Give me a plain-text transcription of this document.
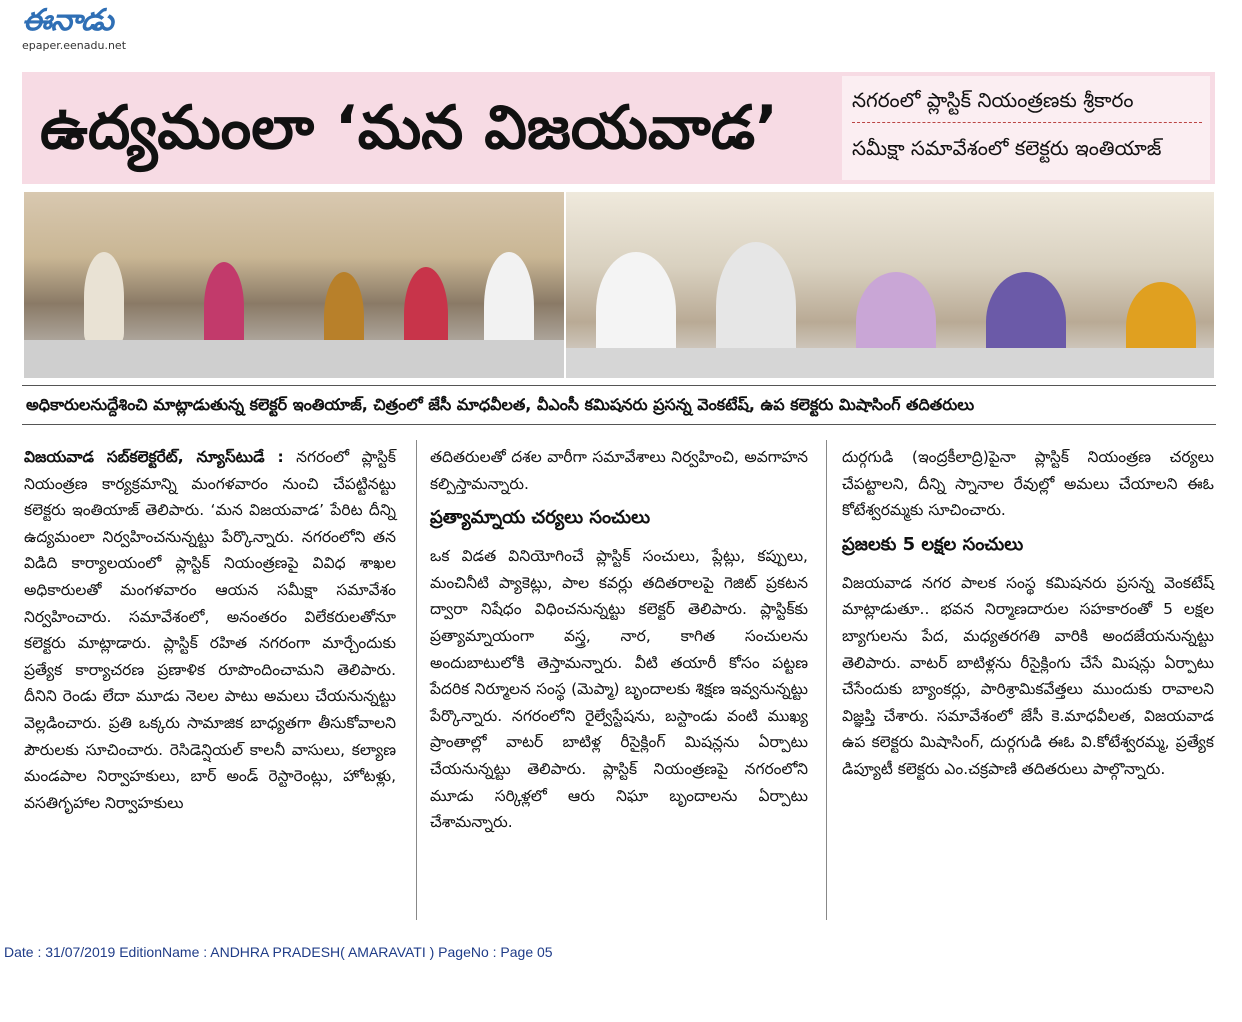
ఈనాడు
epaper.eenadu.net
ఉద్యమంలా ‘మన విజయవాడ’	నగరంలో ప్లాస్టిక్ నియంత్రణకు శ్రీకారం
సమీక్షా సమావేశంలో కలెక్టరు ఇంతియాజ్
అధికారులనుద్దేశించి మాట్లాడుతున్న కలెక్టర్ ఇంతియాజ్, చిత్రంలో జేసీ మాధవీలత, వీఎంసీ కమిషనరు ప్రసన్న వెంకటేష్, ఉప కలెక్టరు మిషాసింగ్ తదితరులు

విజయవాడ సబ్‌కలెక్టరేట్, న్యూస్‌టుడే : నగరంలో ప్లాస్టిక్ నియంత్రణ కార్యక్రమాన్ని మంగళవారం నుంచి చేపట్టినట్టు కలెక్టరు ఇంతియాజ్ తెలిపారు. ‘మన విజయవాడ’ పేరిట దీన్ని ఉద్యమంలా నిర్వహించనున్నట్టు పేర్కొన్నారు. నగరంలోని తన విడిది కార్యాలయంలో ప్లాస్టిక్ నియంత్రణపై వివిధ శాఖల అధికారులతో మంగళవారం ఆయన సమీక్షా సమావేశం నిర్వహించారు. సమావేశంలో, అనంతరం విలేకరులతోనూ కలెక్టరు మాట్లాడారు. ప్లాస్టిక్ రహిత నగరంగా మార్చేందుకు ప్రత్యేక కార్యాచరణ ప్రణాళిక రూపొందించామని తెలిపారు. దీనిని రెండు లేదా మూడు నెలల పాటు అమలు చేయనున్నట్టు వెల్లడించారు. ప్రతి ఒక్కరు సామాజిక బాధ్యతగా తీసుకోవాలని పౌరులకు సూచించారు. రెసిడెన్షియల్ కాలనీ వాసులు, కల్యాణ మండపాల నిర్వాహకులు, బార్ అండ్ రెస్టారెంట్లు, హోటళ్లు, వసతిగృహాల నిర్వాహకులు

తదితరులతో దశల వారీగా సమావేశాలు నిర్వహించి, అవగాహన కల్పిస్తామన్నారు.

ప్రత్యామ్నాయ చర్యలు సంచులు

ఒక విడత వినియోగించే ప్లాస్టిక్ సంచులు, ప్లేట్లు, కప్పులు, మంచినీటి ప్యాకెట్లు, పాల కవర్లు తదితరాలపై గెజిట్ ప్రకటన ద్వారా నిషేధం విధించనున్నట్టు కలెక్టర్ తెలిపారు. ప్లాస్టిక్‌కు ప్రత్యామ్నాయంగా వస్త్ర, నార, కాగిత సంచులను అందుబాటులోకి తెస్తామన్నారు. వీటి తయారీ కోసం పట్టణ పేదరిక నిర్మూలన సంస్థ (మెప్మా) బృందాలకు శిక్షణ ఇవ్వనున్నట్టు పేర్కొన్నారు. నగరంలోని రైల్వేస్టేషను, బస్టాండు వంటి ముఖ్య ప్రాంతాల్లో వాటర్ బాటిళ్ల రీసైక్లింగ్ మిషన్లను ఏర్పాటు చేయనున్నట్టు తెలిపారు. ప్లాస్టిక్ నియంత్రణపై నగరంలోని మూడు సర్కిళ్లలో ఆరు నిఘా బృందాలను ఏర్పాటు చేశామన్నారు.

దుర్గగుడి (ఇంద్రకీలాద్రి)పైనా ప్లాస్టిక్ నియంత్రణ చర్యలు చేపట్టాలని, దీన్ని స్నానాల రేవుల్లో అమలు చేయాలని ఈఓ కోటేశ్వరమ్మకు సూచించారు.

ప్రజలకు 5 లక్షల సంచులు

విజయవాడ నగర పాలక సంస్థ కమిషనరు ప్రసన్న వెంకటేష్ మాట్లాడుతూ.. భవన నిర్మాణదారుల సహకారంతో 5 లక్షల బ్యాగులను పేద, మధ్యతరగతి వారికి అందజేయనున్నట్టు తెలిపారు. వాటర్ బాటిళ్లను రీసైక్లింగు చేసే మిషన్లు ఏర్పాటు చేసేందుకు బ్యాంకర్లు, పారిశ్రామికవేత్తలు ముందుకు రావాలని విజ్ఞప్తి చేశారు. సమావేశంలో జేసీ కె.మాధవీలత, విజయవాడ ఉప కలెక్టరు మిషాసింగ్, దుర్గగుడి ఈఓ వి.కోటేశ్వరమ్మ, ప్రత్యేక డిప్యూటీ కలెక్టరు ఎం.చక్రపాణి తదితరులు పాల్గొన్నారు.

Date : 31/07/2019 EditionName : ANDHRA PRADESH( AMARAVATI ) PageNo : Page 05
